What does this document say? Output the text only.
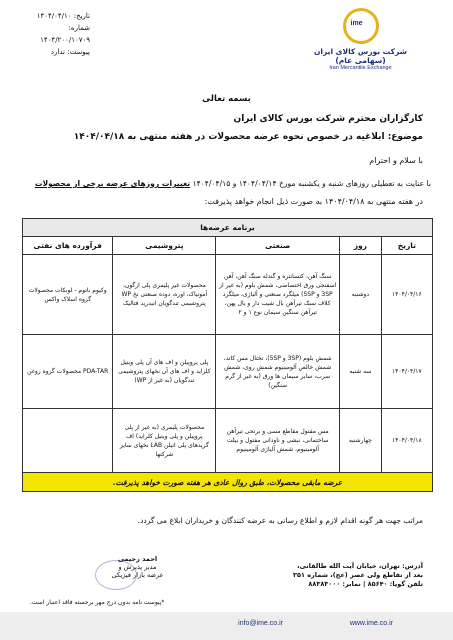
تاریخ: ۱۴۰۴/۰۴/۱۰
شماره: ۱۴۰۴/۲۰۰/۱۰۷۰۹
پیوست: ندارد
ime
شرکت بورس کالای ایران (سهامی عام)
Iran Mercantile Exchange
بسمه تعالی
کارگزاران محترم شرکت بورس کالای ایران
موضوع: ابلاغیه در خصوص نحوه عرضه محصولات در هفته منتهی به ۱۴۰۴/۰۴/۱۸
با سلام و احترام
با عنایت به تعطیلی روزهای شنبه و یکشنبه مورخ ۱۴۰۴/۰۴/۱۴ و ۱۴۰۴/۰۴/۱۵ تغییرات روزهای عرضه برخی از محصولات
در هفته منتهی به ۱۴۰۴/۰۴/۱۸ به صورت ذیل انجام خواهد پذیرفت:
برنامه عرضه‌ها				
تاریخ	روز	صنعتی	پتروشیمی	فرآورده های نفتی
۱۴۰۴/۰۴/۱۶	دوشنبه	سنگ آهن، کنسانتره و گندله سنگ آهن، آهن اسفنجی ورق اختصاصی، شمش بلوم (به غیر از 3SP و 5SP) میلگرد صنعتی و آلیاژی، میلگرد کلاف سبک تیرآهن بال شیب دار و بال پهن، تیرآهن سنگین سیمان نوع ۱ و ۲	محصولات غیر پلیمری پلی ازگون، آمونیاک، اوره، دوده صنعتی نخ WP پتروشیمی تندگویان انیدرید فتالیک	وکیوم باتوم - لوبکات محصولات گروه اسلاک واکس
۱۴۰۴/۰۴/۱۷	سه شنبه	شمش بلوم (3SP و 5SP)، تختال مس کاتد، شمش خالص آلومینیوم شمش روی، شمش سرب، سایر سیمان ها ورق (به غیر از گرم سنگین)	پلی پروپیلن و اف های آن پلی وینیل کلراید و اف های آن نخهای پتروشیمی تندگویان (به غیر از WP)	PDA-TAR محصولات گروه روغن
۱۴۰۴/۰۴/۱۸	چهارشنبه	مس مفتول مقاطع مسی و برنجی تیرآهن ساختمانی، نبشی و ناودانی مفتول و بیلت آلومینیوم، شمش آلیاژی آلومینیوم	محصولات پلیمری (به غیر از پلی پروپیلن و پلی وینیل کلراید) اف گریدهای پلی اتیلن LAB نخهای سایر شرکتها	
عرضه مابقی محصولات، طبق روال عادی هر هفته صورت خواهد پذیرفت.				
مراتب جهت هر گونه اقدام لازم و اطلاع رسانی به عرضه کنندگان و خریداران ابلاغ می گردد.
احمد رحیمی
مدیر پذیرش و
عرضه بازار فیزیکی
آدرس: تهران، خیابان آیت الله طالقانی،
بعد از تقاطع ولی عصر (عج)، شماره ۳۵۱
تلفن گویا: ۸۵۶۴۰ | نمابر: ۸۸۳۸۳۰۰۰
*پیوست نامه بدون درج مهر برجسته فاقد اعتبار است.
info@ime.co.ir	www.ime.co.ir
